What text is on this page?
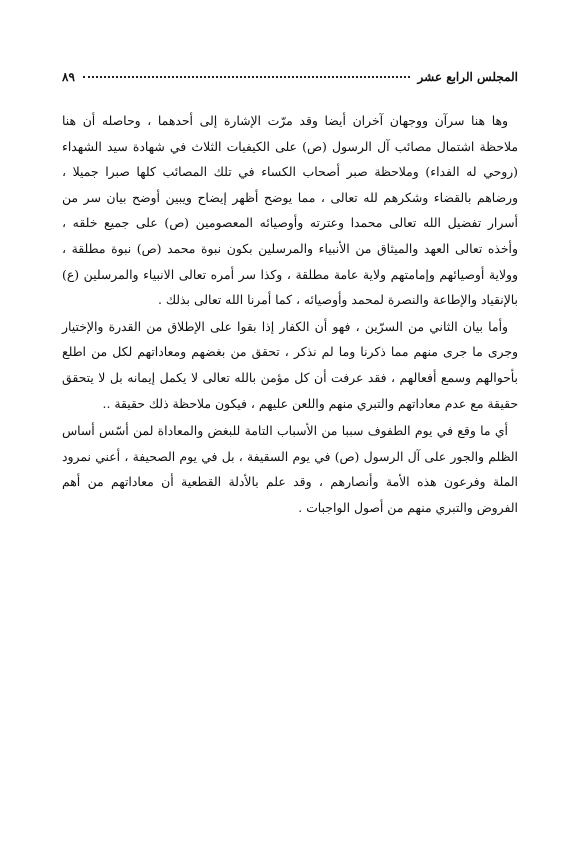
المجلس الرابع عشر
٨٩

وها هنا سرآن ووجهان آخران أيضا وقد مرّت الإشارة إلى أحدهما ، وحاصله أن هنا ملاحظة اشتمال مصائب آل الرسول (ص) على الكيفيات الثلاث في شهادة سيد الشهداء (روحي له الفداء) وملاحظة صبر أصحاب الكساء في تلك المصائب كلها صبرا جميلا ، ورضاهم بالقضاء وشكرهم لله تعالى ، مما يوضح أظهر إيضاح ويبين أوضح بيان سر من أسرار تفضيل الله تعالى محمدا وعترته وأوصيائه المعصومين (ص) على جميع خلقه ، وأخذه تعالى العهد والميثاق من الأنبياء والمرسلين بكون نبوة محمد (ص) نبوة مطلقة ، وولاية أوصيائهم وإمامتهم ولاية عامة مطلقة ، وكذا سر أمره تعالى الانبياء والمرسلين (ع) بالإنقياد والإطاعة والنصرة لمحمد وأوصيائه ، كما أمرنا الله تعالى بذلك .

وأما بيان الثاني من السرّين ، فهو أن الكفار إذا بقوا على الإطلاق من القدرة والإختيار وجرى ما جرى منهم مما ذكرنا وما لم نذكر ، تحقق من بغضهم ومعاداتهم لكل من اطلع بأحوالهم وسمع أفعالهم ، فقد عرفت أن كل مؤمن بالله تعالى لا يكمل إيمانه بل لا يتحقق حقيقة مع عدم معاداتهم والتبري منهم واللعن عليهم ، فيكون ملاحظة ذلك حقيقة ..

أي ما وقع في يوم الطفوف سببا من الأسباب التامة للبغض والمعاداة لمن أسّس أساس الظلم والجور على آل الرسول (ص) في يوم السقيفة ، بل في يوم الصحيفة ، أعني نمرود الملة وفرعون هذه الأمة وأنصارهم ، وقد علم بالأدلة القطعية أن معاداتهم من أهم الفروض والتبري منهم من أصول الواجبات .
